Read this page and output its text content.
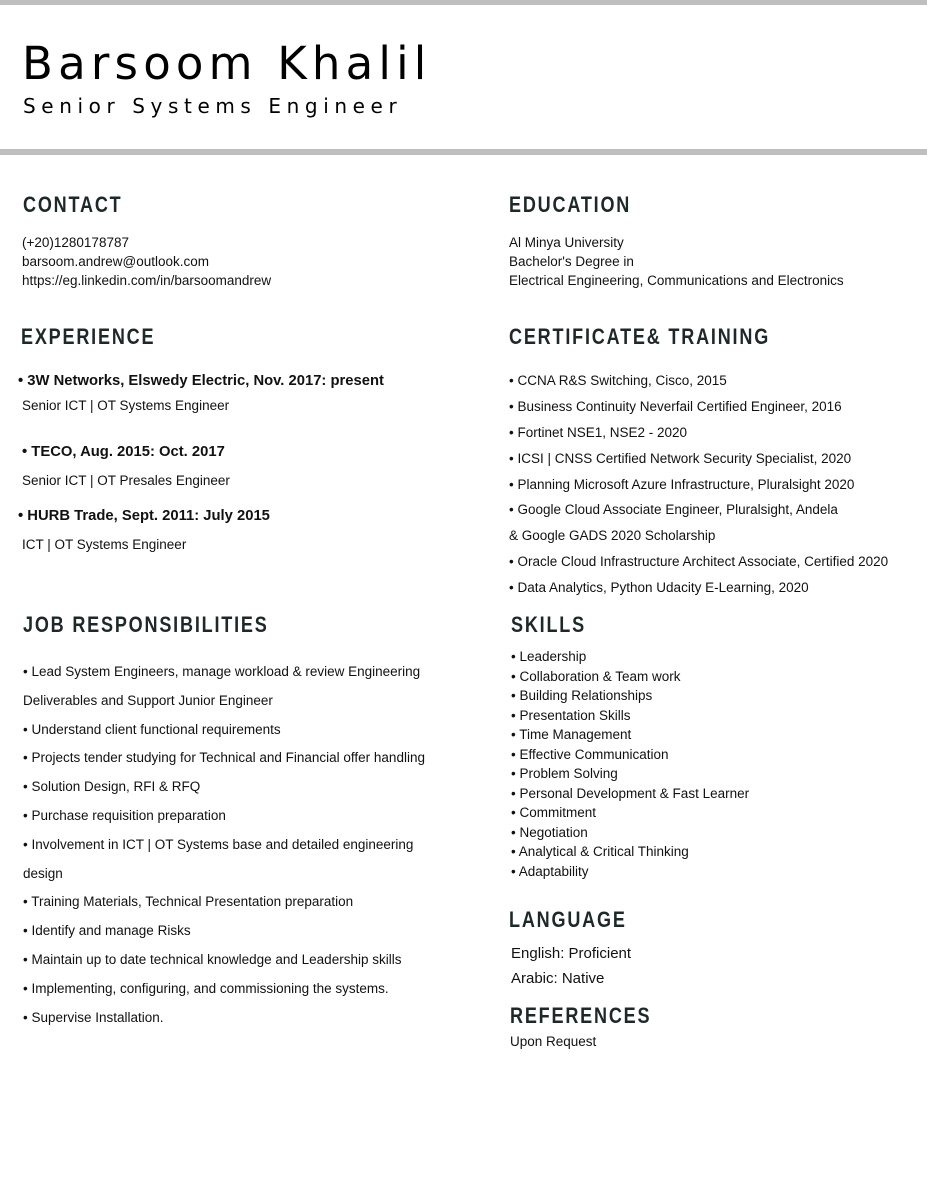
Barsoom Khalil
Senior Systems Engineer
CONTACT
(+20)1280178787
barsoom.andrew@outlook.com
https://eg.linkedin.com/in/barsoomandrew
EXPERIENCE
• 3W Networks, Elswedy Electric, Nov. 2017: present
Senior ICT | OT Systems Engineer
• TECO, Aug. 2015: Oct. 2017
Senior ICT | OT Presales Engineer
• HURB Trade, Sept. 2011: July 2015
ICT | OT Systems Engineer
JOB RESPONSIBILITIES
• Lead System Engineers, manage workload & review Engineering
Deliverables and Support Junior Engineer
• Understand client functional requirements
• Projects tender studying for Technical and Financial offer handling
• Solution Design, RFI & RFQ
• Purchase requisition preparation
• Involvement in ICT | OT Systems base and detailed engineering
design
• Training Materials, Technical Presentation preparation
• Identify and manage Risks
• Maintain up to date technical knowledge and Leadership skills
• Implementing, configuring, and commissioning the systems.
• Supervise Installation.
EDUCATION
Al Minya University
Bachelor's Degree in
Electrical Engineering, Communications and Electronics
CERTIFICATE& TRAINING
• CCNA R&S Switching, Cisco, 2015
• Business Continuity Neverfail Certified Engineer, 2016
• Fortinet NSE1, NSE2 - 2020
• ICSI | CNSS Certified Network Security Specialist, 2020
• Planning Microsoft Azure Infrastructure, Pluralsight 2020
• Google Cloud Associate Engineer, Pluralsight, Andela
& Google GADS 2020 Scholarship
• Oracle Cloud Infrastructure Architect Associate, Certified 2020
• Data Analytics, Python Udacity E-Learning, 2020
SKILLS
• Leadership
• Collaboration & Team work
• Building Relationships
• Presentation Skills
• Time Management
• Effective Communication
• Problem Solving
• Personal Development & Fast Learner
• Commitment
• Negotiation
• Analytical & Critical Thinking
• Adaptability
LANGUAGE
English: Proficient
Arabic: Native
REFERENCES
Upon Request
